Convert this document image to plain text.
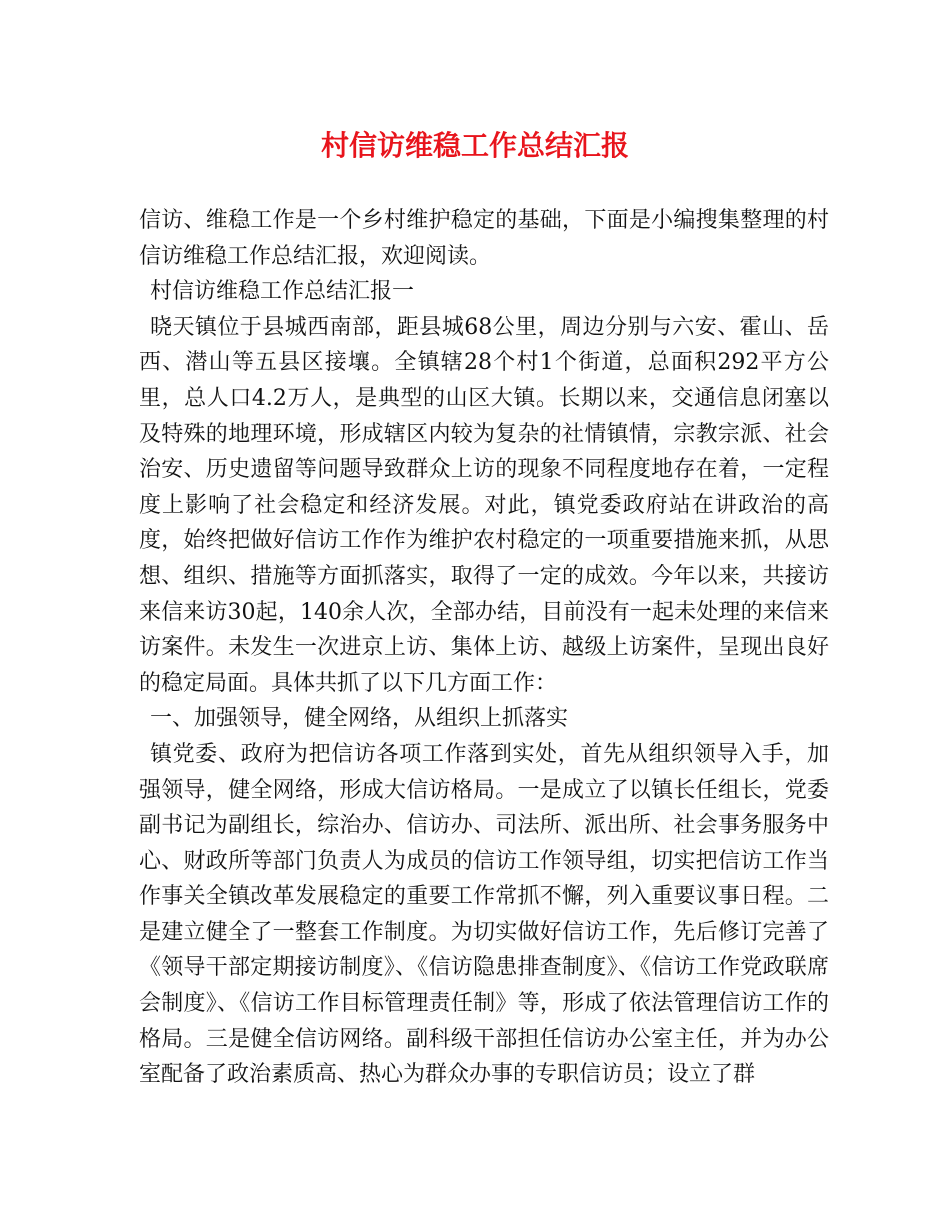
村信访维稳工作总结汇报

信访、维稳工作是一个乡村维护稳定的基础，下面是小编搜集整理的村信访维稳工作总结汇报，欢迎阅读。

村信访维稳工作总结汇报一

晓天镇位于县城西南部，距县城68公里，周边分别与六安、霍山、岳西、潜山等五县区接壤。全镇辖28个村1个街道，总面积292平方公里，总人口4.2万人，是典型的山区大镇。长期以来，交通信息闭塞以及特殊的地理环境，形成辖区内较为复杂的社情镇情，宗教宗派、社会治安、历史遗留等问题导致群众上访的现象不同程度地存在着，一定程度上影响了社会稳定和经济发展。对此，镇党委政府站在讲政治的高度，始终把做好信访工作作为维护农村稳定的一项重要措施来抓，从思想、组织、措施等方面抓落实，取得了一定的成效。今年以来，共接访来信来访30起，140余人次，全部办结，目前没有一起未处理的来信来访案件。未发生一次进京上访、集体上访、越级上访案件，呈现出良好的稳定局面。具体共抓了以下几方面工作：

一、加强领导，健全网络，从组织上抓落实

镇党委、政府为把信访各项工作落到实处，首先从组织领导入手，加强领导，健全网络，形成大信访格局。一是成立了以镇长任组长，党委副书记为副组长，综治办、信访办、司法所、派出所、社会事务服务中心、财政所等部门负责人为成员的信访工作领导组，切实把信访工作当作事关全镇改革发展稳定的重要工作常抓不懈，列入重要议事日程。二是建立健全了一整套工作制度。为切实做好信访工作，先后修订完善了《领导干部定期接访制度》、《信访隐患排查制度》、《信访工作党政联席会制度》、《信访工作目标管理责任制》等，形成了依法管理信访工作的格局。三是健全信访网络。副科级干部担任信访办公室主任，并为办公室配备了政治素质高、热心为群众办事的专职信访员；设立了群
